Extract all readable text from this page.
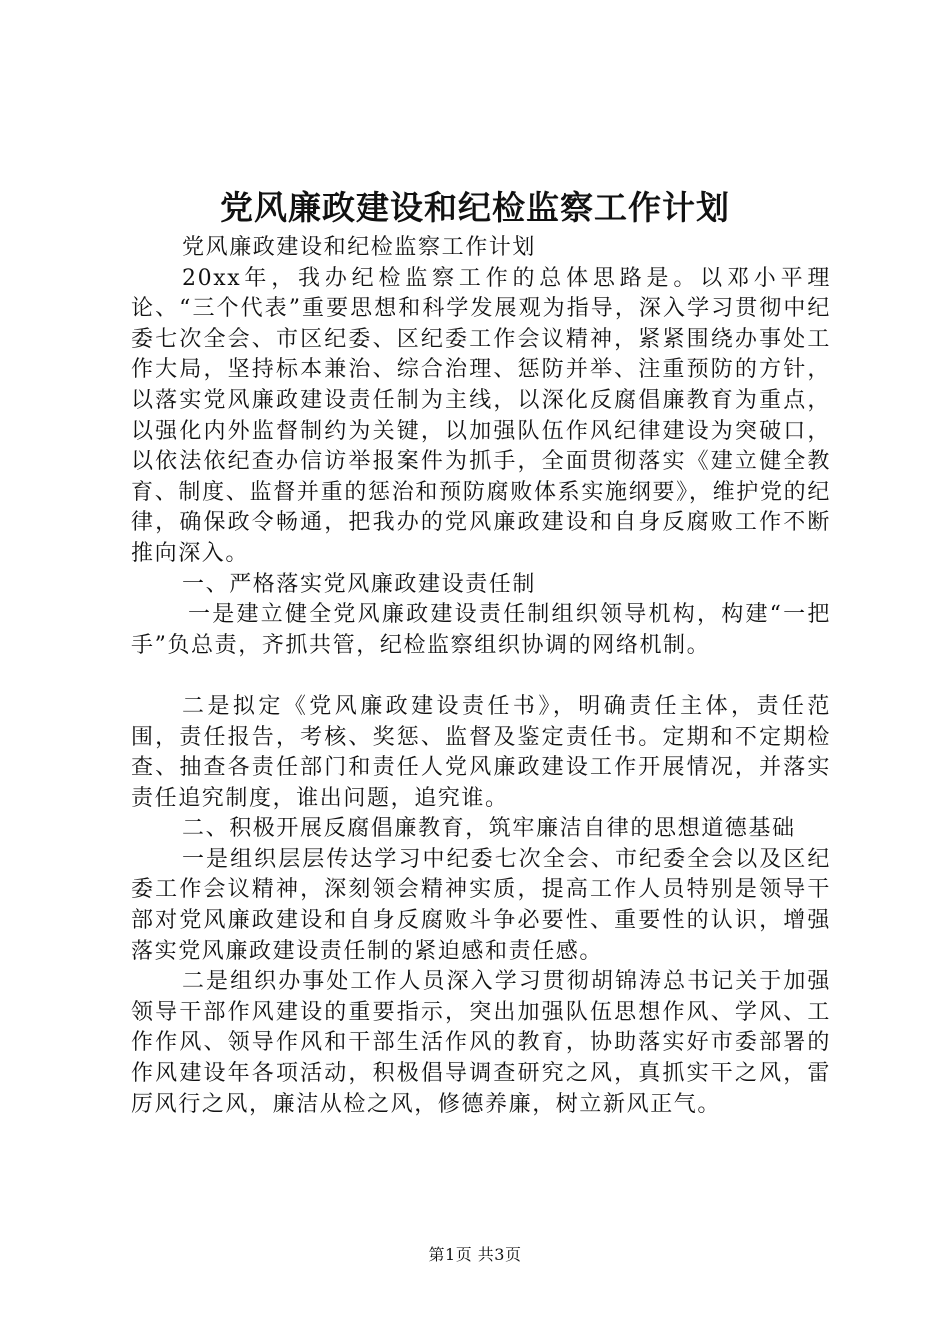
党风廉政建设和纪检监察工作计划

党风廉政建设和纪检监察工作计划

20xx年，我办纪检监察工作的总体思路是。以邓小平理论、“三个代表”重要思想和科学发展观为指导，深入学习贯彻中纪委七次全会、市区纪委、区纪委工作会议精神，紧紧围绕办事处工作大局，坚持标本兼治、综合治理、惩防并举、注重预防的方针，以落实党风廉政建设责任制为主线，以深化反腐倡廉教育为重点，以强化内外监督制约为关键，以加强队伍作风纪律建设为突破口，以依法依纪查办信访举报案件为抓手，全面贯彻落实《建立健全教育、制度、监督并重的惩治和预防腐败体系实施纲要》，维护党的纪律，确保政令畅通，把我办的党风廉政建设和自身反腐败工作不断推向深入。

一、严格落实党风廉政建设责任制

一是建立健全党风廉政建设责任制组织领导机构，构建“一把手”负总责，齐抓共管，纪检监察组织协调的网络机制。

二是拟定《党风廉政建设责任书》，明确责任主体，责任范围，责任报告，考核、奖惩、监督及鉴定责任书。定期和不定期检查、抽查各责任部门和责任人党风廉政建设工作开展情况，并落实责任追究制度，谁出问题，追究谁。

二、积极开展反腐倡廉教育，筑牢廉洁自律的思想道德基础

一是组织层层传达学习中纪委七次全会、市纪委全会以及区纪委工作会议精神，深刻领会精神实质，提高工作人员特别是领导干部对党风廉政建设和自身反腐败斗争必要性、重要性的认识，增强落实党风廉政建设责任制的紧迫感和责任感。

二是组织办事处工作人员深入学习贯彻胡锦涛总书记关于加强领导干部作风建设的重要指示，突出加强队伍思想作风、学风、工作作风、领导作风和干部生活作风的教育，协助落实好市委部署的作风建设年各项活动，积极倡导调查研究之风，真抓实干之风，雷厉风行之风，廉洁从检之风，修德养廉，树立新风正气。

第1页 共3页
